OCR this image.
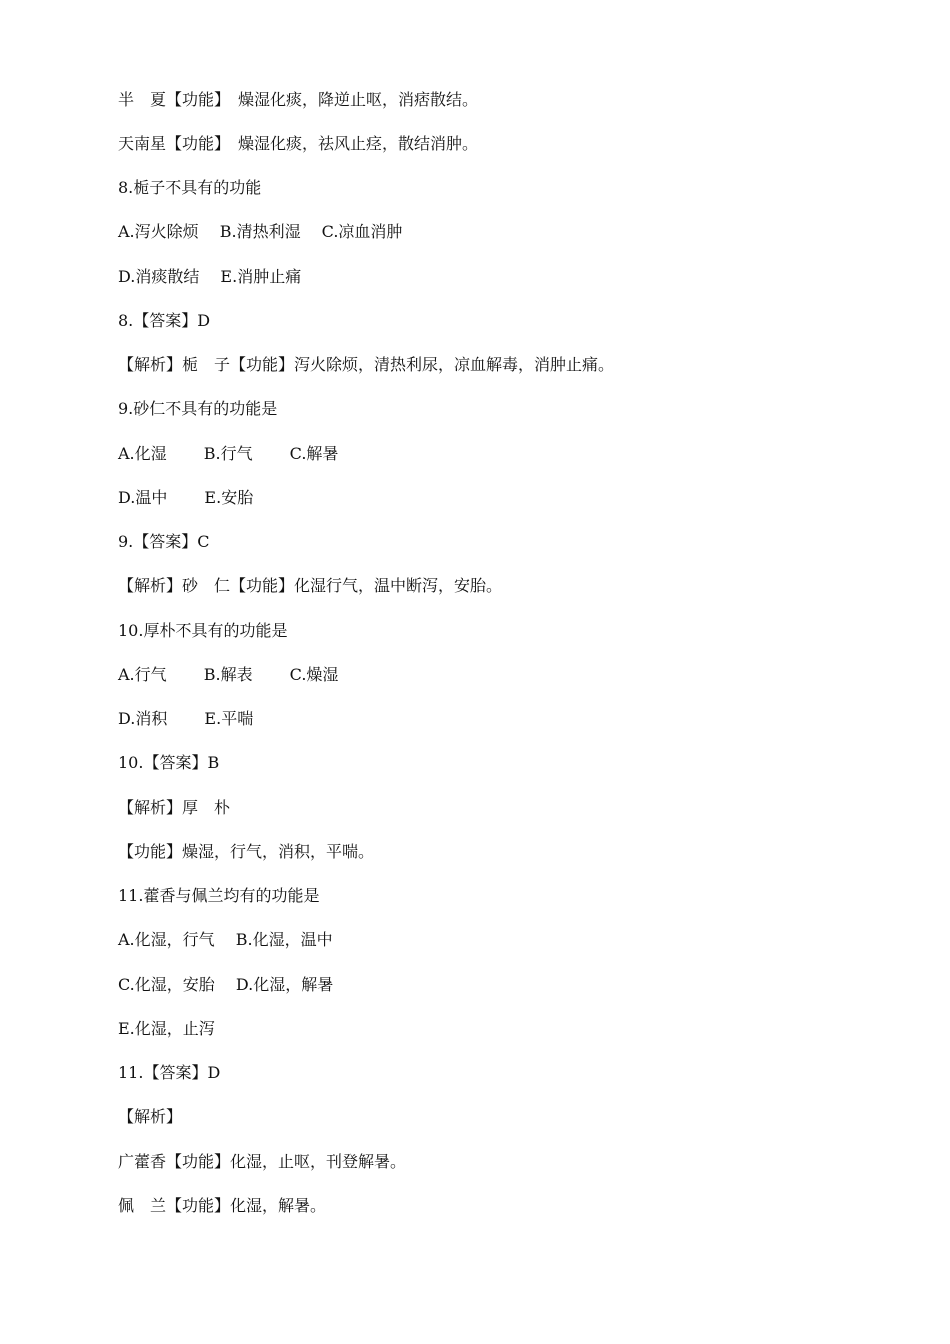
半　夏【功能】　燥湿化痰，降逆止呕，消痞散结。

天南星【功能】　燥湿化痰，祛风止痉，散结消肿。

8.栀子不具有的功能

A.泻火除烦　 B.清热利湿　 C.凉血消肿

D.消痰散结　 E.消肿止痛

8.【答案】D

【解析】栀　子【功能】泻火除烦，清热利尿，凉血解毒，消肿止痛。

9.砂仁不具有的功能是

A.化湿　　 B.行气　　 C.解暑

D.温中　　 E.安胎

9.【答案】C

【解析】砂　仁【功能】化湿行气，温中断泻，安胎。

10.厚朴不具有的功能是

A.行气　　 B.解表　　 C.燥湿

D.消积　　 E.平喘

10.【答案】B

【解析】厚　朴

【功能】燥湿，行气，消积，平喘。

11.藿香与佩兰均有的功能是

A.化湿，行气　 B.化湿，温中

C.化湿，安胎　 D.化湿，解暑

E.化湿，止泻

11.【答案】D

【解析】

广藿香【功能】化湿，止呕，刊登解暑。

佩　兰【功能】化湿，解暑。
